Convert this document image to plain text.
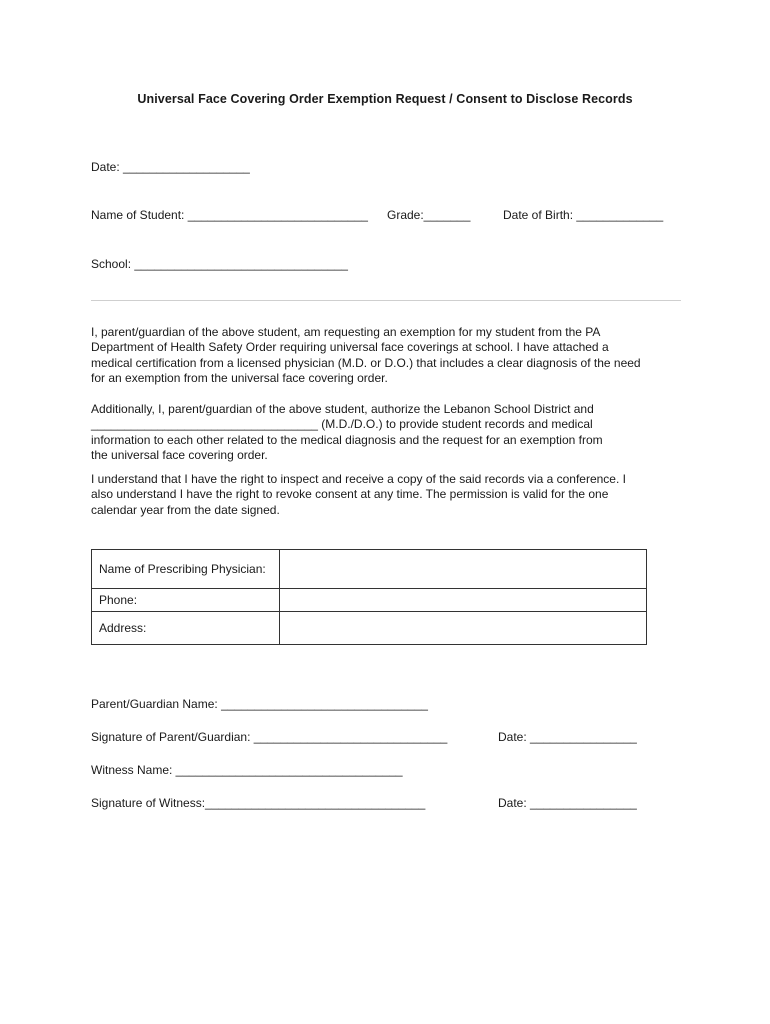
Universal Face Covering Order Exemption Request / Consent to Disclose Records
Date: ___________________
Name of Student: ___________________________ Grade:_______	Date of Birth: _____________
School: ________________________________
I, parent/guardian of the above student, am requesting an exemption for my student from the PA
Department of Health Safety Order requiring universal face coverings at school. I have attached a
medical certification from a licensed physician (M.D. or D.O.) that includes a clear diagnosis of the need
for an exemption from the universal face covering order.
Additionally, I, parent/guardian of the above student, authorize the Lebanon School District and
__________________________________ (M.D./D.O.) to provide student records and medical
information to each other related to the medical diagnosis and the request for an exemption from
the universal face covering order.
I understand that I have the right to inspect and receive a copy of the said records via a conference. I
also understand I have the right to revoke consent at any time. The permission is valid for the one
calendar year from the date signed.
Name of Prescribing Physician:	
Phone:	
Address:	
Parent/Guardian Name: _______________________________
Signature of Parent/Guardian: _____________________________	Date: ________________
Witness Name: __________________________________
Signature of Witness:_________________________________	Date: ________________
